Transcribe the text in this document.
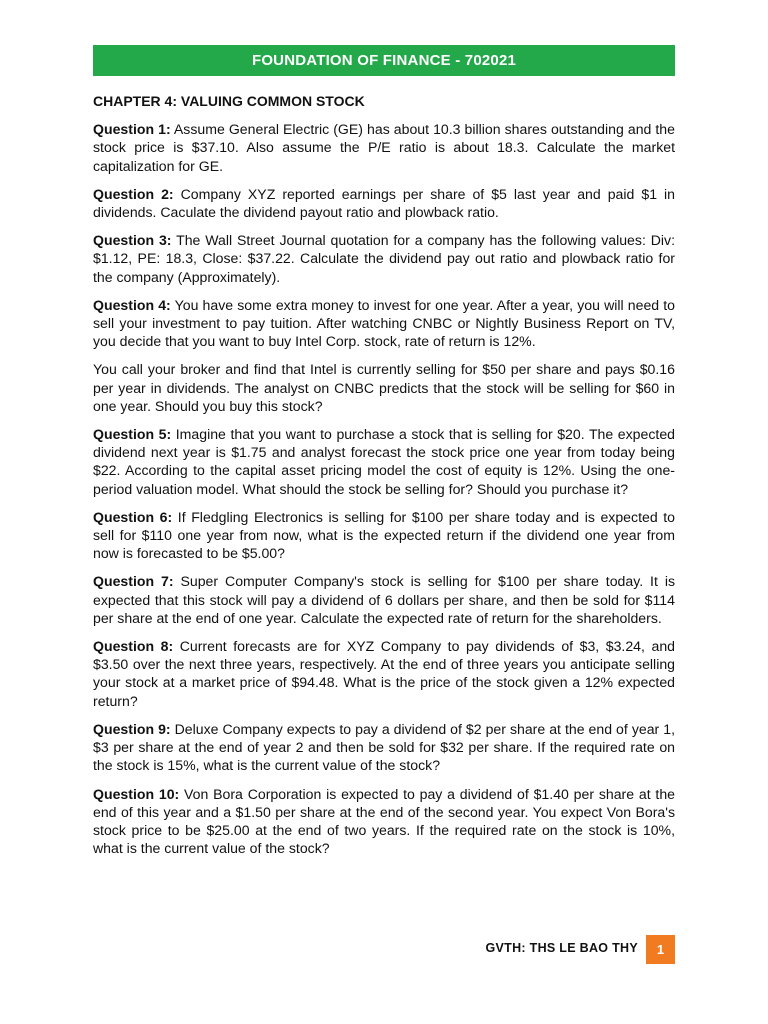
FOUNDATION OF FINANCE - 702021

CHAPTER 4: VALUING COMMON STOCK

Question 1: Assume General Electric (GE) has about 10.3 billion shares outstanding and the stock price is $37.10. Also assume the P/E ratio is about 18.3. Calculate the market capitalization for GE.

Question 2: Company XYZ reported earnings per share of $5 last year and paid $1 in dividends. Caculate the dividend payout ratio and plowback ratio.

Question 3: The Wall Street Journal quotation for a company has the following values: Div: $1.12, PE: 18.3, Close: $37.22. Calculate the dividend pay out ratio and plowback ratio for the company (Approximately).

Question 4: You have some extra money to invest for one year. After a year, you will need to sell your investment to pay tuition. After watching CNBC or Nightly Business Report on TV, you decide that you want to buy Intel Corp. stock, rate of return is 12%.

You call your broker and find that Intel is currently selling for $50 per share and pays $0.16 per year in dividends. The analyst on CNBC predicts that the stock will be selling for $60 in one year. Should you buy this stock?

Question 5: Imagine that you want to purchase a stock that is selling for $20. The expected dividend next year is $1.75 and analyst forecast the stock price one year from today being $22. According to the capital asset pricing model the cost of equity is 12%. Using the one-period valuation model. What should the stock be selling for? Should you purchase it?

Question 6: If Fledgling Electronics is selling for $100 per share today and is expected to sell for $110 one year from now, what is the expected return if the dividend one year from now is forecasted to be $5.00?

Question 7: Super Computer Company's stock is selling for $100 per share today. It is expected that this stock will pay a dividend of 6 dollars per share, and then be sold for $114 per share at the end of one year. Calculate the expected rate of return for the shareholders.

Question 8: Current forecasts are for XYZ Company to pay dividends of $3, $3.24, and $3.50 over the next three years, respectively. At the end of three years you anticipate selling your stock at a market price of $94.48. What is the price of the stock given a 12% expected return?

Question 9: Deluxe Company expects to pay a dividend of $2 per share at the end of year 1, $3 per share at the end of year 2 and then be sold for $32 per share. If the required rate on the stock is 15%, what is the current value of the stock?

Question 10: Von Bora Corporation is expected to pay a dividend of $1.40 per share at the end of this year and a $1.50 per share at the end of the second year. You expect Von Bora's stock price to be $25.00 at the end of two years. If the required rate on the stock is 10%, what is the current value of the stock?

GVTH: THS LE BAO THY 1
